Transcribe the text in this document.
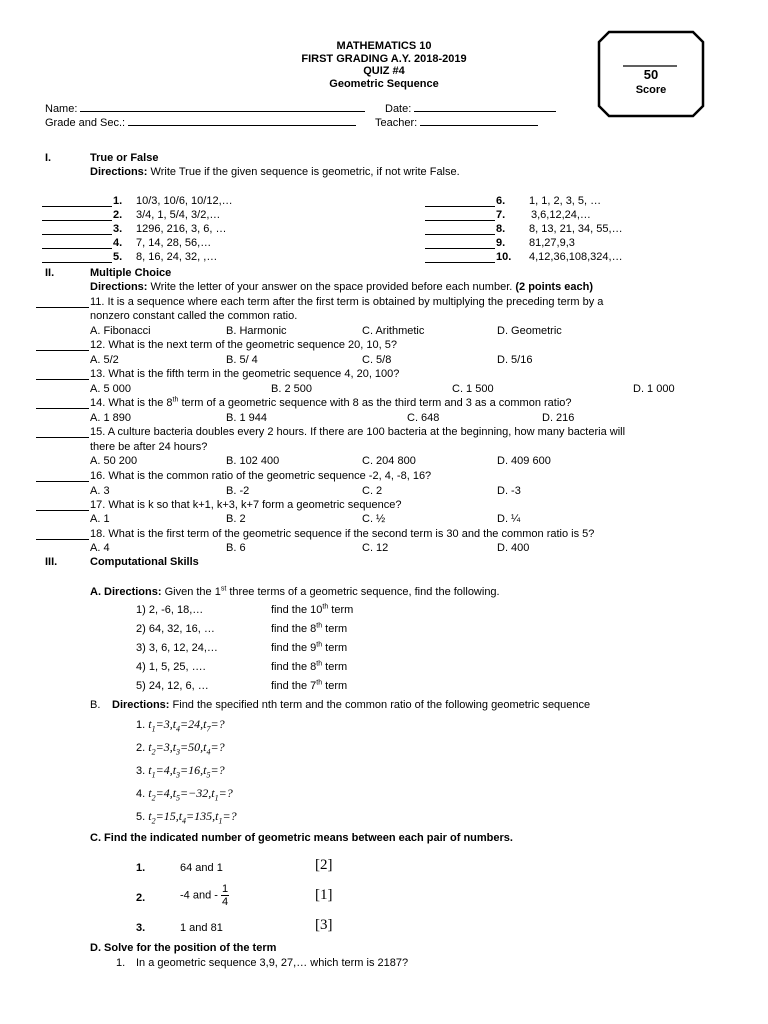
MATHEMATICS 10
FIRST GRADING A.Y. 2018-2019
QUIZ #4
Geometric Sequence
50
Score
Name:	Date:
Grade and Sec.:	Teacher:
I.	True or False
Directions: Write True if the given sequence is geometric, if not write False.
1. 10/3, 10/6, 10/12,…
2. 3/4, 1, 5/4, 3/2,…
3. 1296, 216, 3, 6, …
4. 7, 14, 28, 56,…
5. 8, 16, 24, 32, ,…
6. 1, 1, 2, 3, 5, …
7. 3,6,12,24,…
8. 8, 13, 21, 34, 55,…
9. 81,27,9,3
10. 4,12,36,108,324,…
II.	Multiple Choice
Directions: Write the letter of your answer on the space provided before each number. (2 points each)
11. It is a sequence where each term after the first term is obtained by multiplying the preceding term by a
nonzero constant called the common ratio.
A. Fibonacci	B. Harmonic	C. Arithmetic	D. Geometric
12. What is the next term of the geometric sequence 20, 10, 5?
A. 5/2	B. 5/ 4	C. 5/8	D. 5/16
13. What is the fifth term in the geometric sequence 4, 20, 100?
A. 5 000	B. 2 500	C. 1 500	D. 1 000
14. What is the 8th term of a geometric sequence with 8 as the third term and 3 as a common ratio?
A. 1 890	B. 1 944	C. 648	D. 216
15. A culture bacteria doubles every 2 hours. If there are 100 bacteria at the beginning, how many bacteria will
there be after 24 hours?
A. 50 200	B. 102 400	C. 204 800	D. 409 600
16. What is the common ratio of the geometric sequence -2, 4, -8, 16?
A. 3	B. -2	C. 2	D. -3
17. What is k so that k+1, k+3, k+7 form a geometric sequence?
A. 1	B. 2	C. ½	D. ¼
18. What is the first term of the geometric sequence if the second term is 30 and the common ratio is 5?
A. 4	B. 6	C. 12	D. 400
III.	Computational Skills
A. Directions: Given the 1st three terms of a geometric sequence, find the following.
1) 2, -6, 18,…	find the 10th term
2) 64, 32, 16, …	find the 8th term
3) 3, 6, 12, 24,…	find the 9th term
4) 1, 5, 25, ….	find the 8th term
5) 24, 12, 6, …	find the 7th term
B. Directions: Find the specified nth term and the common ratio of the following geometric sequence
1. $t_1=3,t_4=24,t_7=$?
2. $t_2=3,t_3=50,t_4=$?
3. $t_1=4,t_3=16,t_5=$?
4. $t_2=4,t_5=-32,t_1=$?
5. $t_2=15,t_4=135,t_1=$?
C. Find the indicated number of geometric means between each pair of numbers.
1.	64 and 1	[2]
2.	-4 and - $\frac{1}{4}$	[1]
3.	1 and 81	[3]
D. Solve for the position of the term
1. In a geometric sequence 3,9, 27,… which term is 2187?
